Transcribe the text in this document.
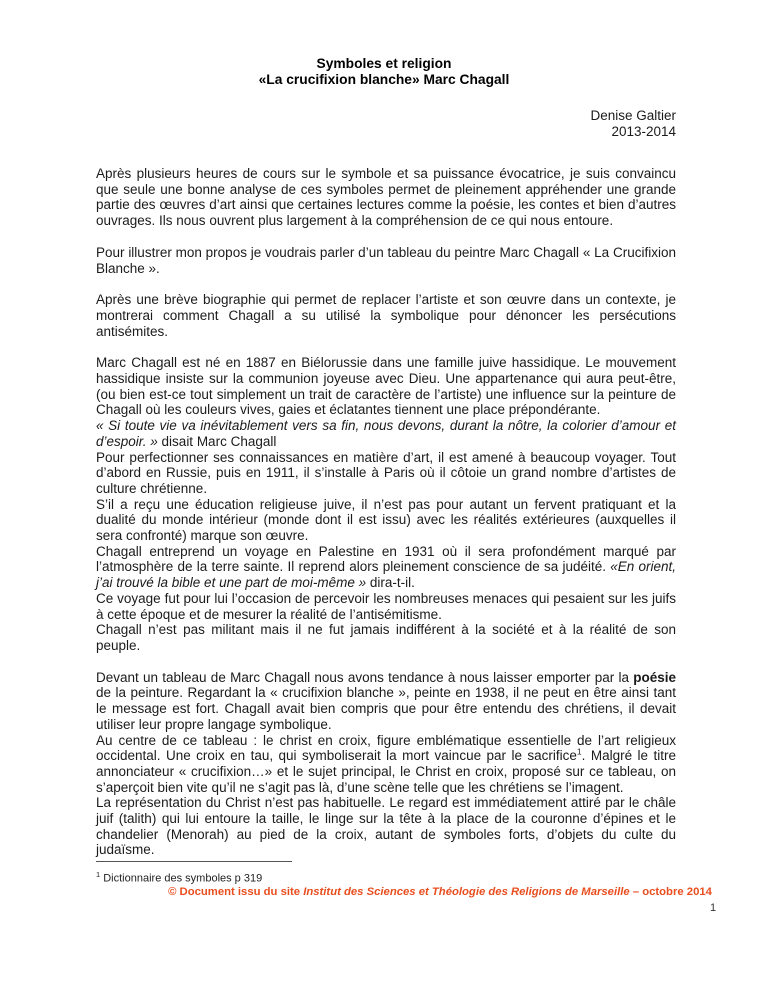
Symboles et religion
«La crucifixion blanche» Marc Chagall
Denise Galtier
2013-2014

Après plusieurs heures de cours sur le symbole et sa puissance évocatrice, je suis convaincu que seule une bonne analyse de ces symboles permet de pleinement appréhender une grande partie des œuvres d’art ainsi que certaines lectures comme la poésie, les contes et bien d’autres ouvrages. Ils nous ouvrent plus largement à la compréhension de ce qui nous entoure.

Pour illustrer mon propos je voudrais parler d’un tableau du peintre Marc Chagall « La Crucifixion Blanche ».

Après une brève biographie qui permet de replacer l’artiste et son œuvre dans un contexte, je montrerai comment Chagall a su utilisé la symbolique pour dénoncer les persécutions antisémites.

Marc Chagall est né en 1887 en Biélorussie dans une famille juive hassidique. Le mouvement hassidique insiste sur la communion joyeuse avec Dieu. Une appartenance qui aura peut-être, (ou bien est-ce tout simplement un trait de caractère de l’artiste) une influence sur la peinture de Chagall où les couleurs vives, gaies et éclatantes tiennent une place prépondérante.

« Si toute vie va inévitablement vers sa fin, nous devons, durant la nôtre, la colorier d’amour et d’espoir. » disait Marc Chagall

Pour perfectionner ses connaissances en matière d’art, il est amené à beaucoup voyager. Tout d’abord en Russie, puis en 1911, il s’installe à Paris où il côtoie un grand nombre d’artistes de culture chrétienne.

S’il a reçu une éducation religieuse juive, il n’est pas pour autant un fervent pratiquant et la dualité du monde intérieur (monde dont il est issu) avec les réalités extérieures (auxquelles il sera confronté) marque son œuvre.

Chagall entreprend un voyage en Palestine en 1931 où il sera profondément marqué par l’atmosphère de la terre sainte. Il reprend alors pleinement conscience de sa judéité. «En orient, j’ai trouvé la bible et une part de moi-même » dira-t-il.

Ce voyage fut pour lui l’occasion de percevoir les nombreuses menaces qui pesaient sur les juifs à cette époque et de mesurer la réalité de l’antisémitisme.

Chagall n’est pas militant mais il ne fut jamais indifférent à la société et à la réalité de son peuple.

Devant un tableau de Marc Chagall nous avons tendance à nous laisser emporter par la poésie de la peinture. Regardant la « crucifixion blanche », peinte en 1938, il ne peut en être ainsi tant le message est fort. Chagall avait bien compris que pour être entendu des chrétiens, il devait utiliser leur propre langage symbolique.

Au centre de ce tableau : le christ en croix, figure emblématique essentielle de l’art religieux occidental. Une croix en tau, qui symboliserait la mort vaincue par le sacrifice$^1$. Malgré le titre annonciateur « crucifixion…» et le sujet principal, le Christ en croix, proposé sur ce tableau, on s’aperçoit bien vite qu’il ne s’agit pas là, d’une scène telle que les chrétiens se l’imagent.

La représentation du Christ n’est pas habituelle. Le regard est immédiatement attiré par le châle juif (talith) qui lui entoure la taille, le linge sur la tête à la place de la couronne d’épines et le chandelier (Menorah) au pied de la croix, autant de symboles forts, d’objets du culte du judaïsme.

$^1$ Dictionnaire des symboles p 319
© Document issu du site Institut des Sciences et Théologie des Religions de Marseille – octobre 2014
1
